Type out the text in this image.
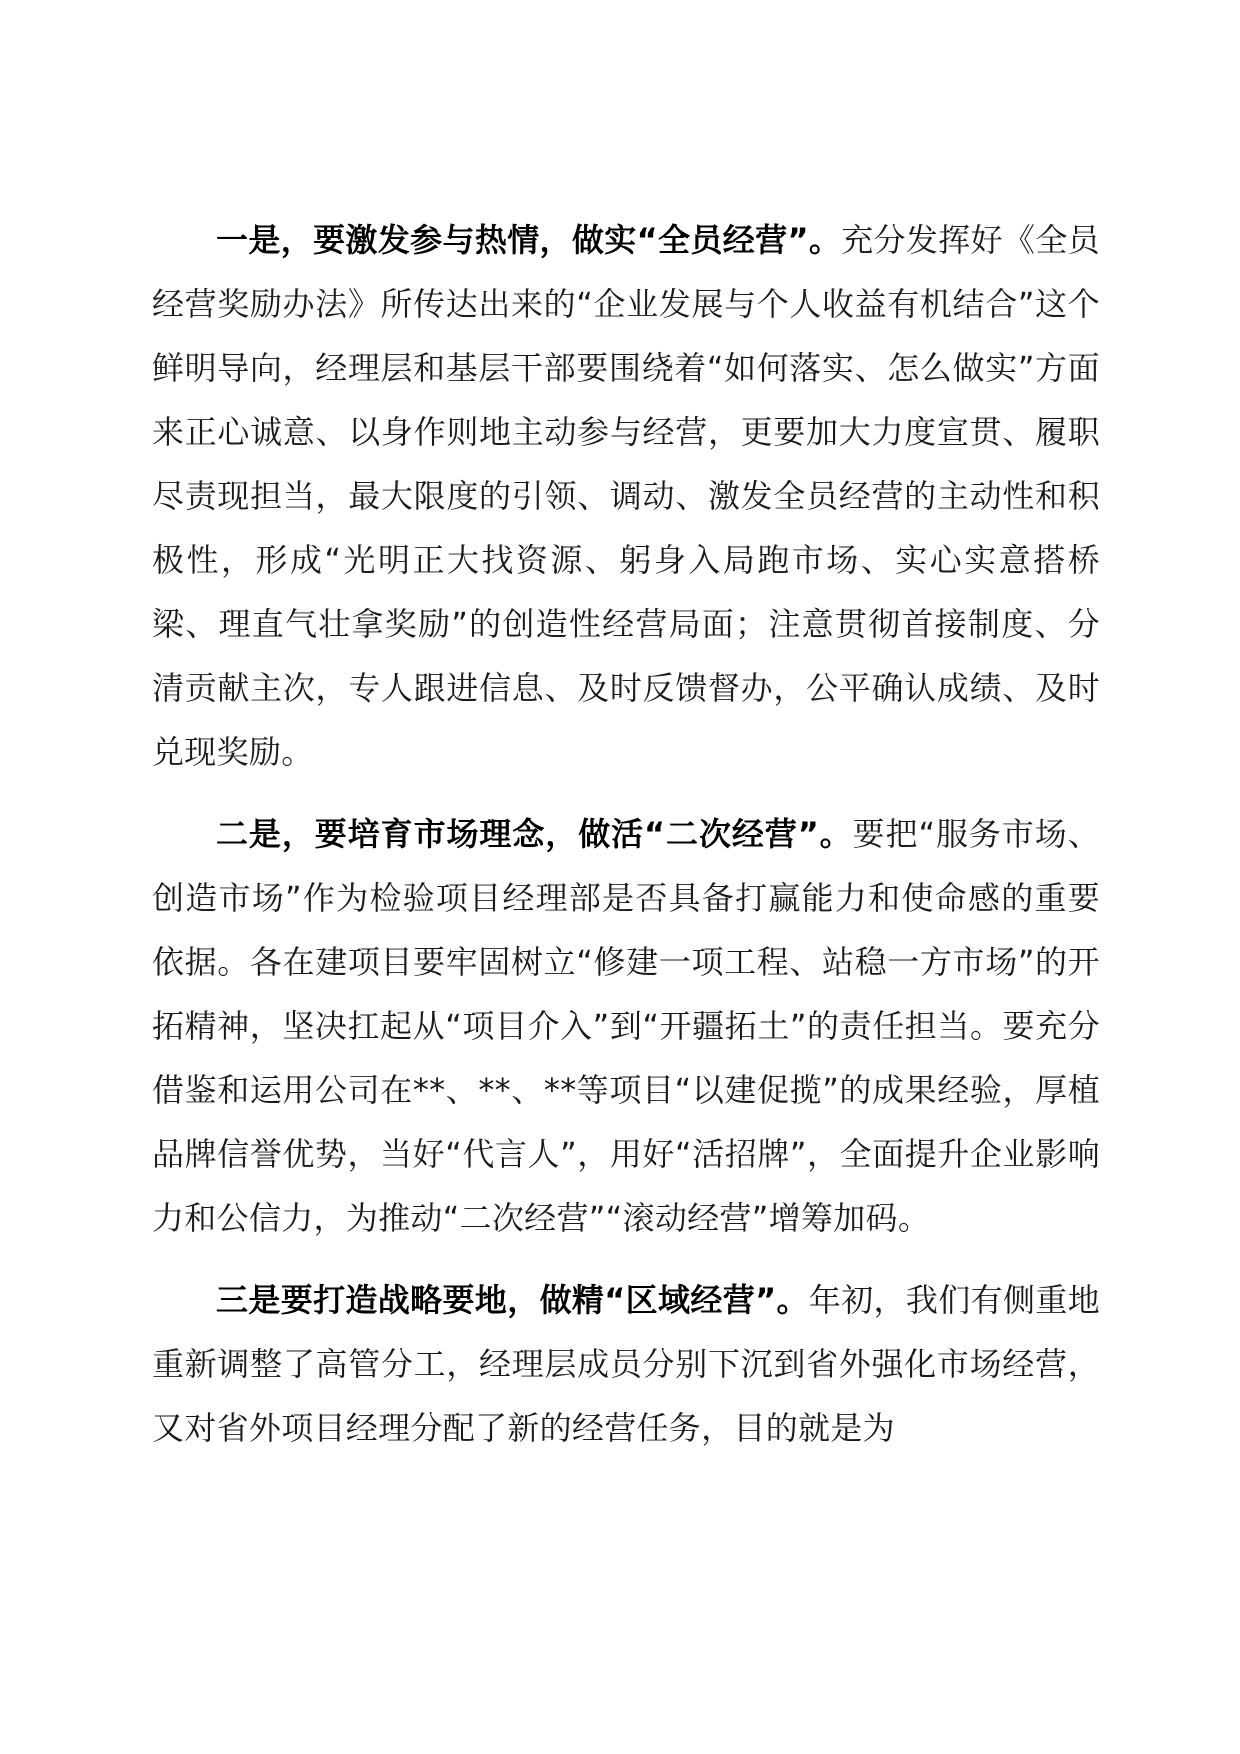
一是，要激发参与热情，做实“全员经营”。充分发挥好《全员经营奖励办法》所传达出来的“企业发展与个人收益有机结合”这个鲜明导向，经理层和基层干部要围绕着“如何落实、怎么做实”方面来正心诚意、以身作则地主动参与经营，更要加大力度宣贯、履职尽责现担当，最大限度的引领、调动、激发全员经营的主动性和积极性，形成“光明正大找资源、躬身入局跑市场、实心实意搭桥梁、理直气壮拿奖励”的创造性经营局面；注意贯彻首接制度、分清贡献主次，专人跟进信息、及时反馈督办，公平确认成绩、及时兑现奖励。

二是，要培育市场理念，做活“二次经营”。要把“服务市场、创造市场”作为检验项目经理部是否具备打赢能力和使命感的重要依据。各在建项目要牢固树立“修建一项工程、站稳一方市场”的开拓精神，坚决扛起从“项目介入”到“开疆拓土”的责任担当。要充分借鉴和运用公司在**、**、**等项目“以建促揽”的成果经验，厚植品牌信誉优势，当好“代言人”，用好“活招牌”，全面提升企业影响力和公信力，为推动“二次经营”“滚动经营”增筹加码。

三是要打造战略要地，做精“区域经营”。年初，我们有侧重地重新调整了高管分工，经理层成员分别下沉到省外强化市场经营，又对省外项目经理分配了新的经营任务，目的就是为
